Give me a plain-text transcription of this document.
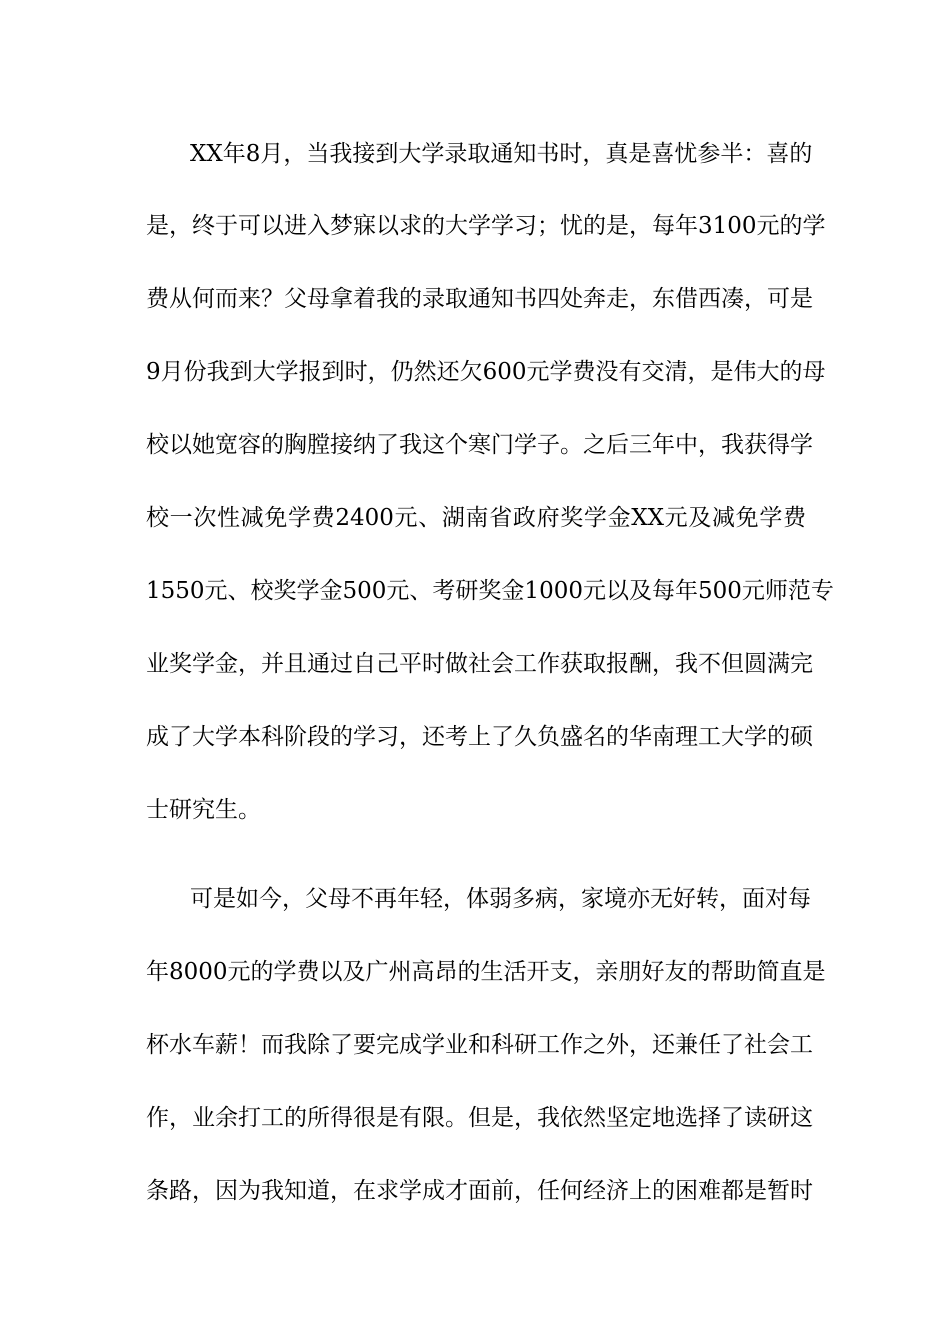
XX年8月，当我接到大学录取通知书时，真是喜忧参半：喜的
是，终于可以进入梦寐以求的大学学习；忧的是，每年3100元的学
费从何而来？父母拿着我的录取通知书四处奔走，东借西凑，可是
9月份我到大学报到时，仍然还欠600元学费没有交清，是伟大的母
校以她宽容的胸膛接纳了我这个寒门学子。之后三年中，我获得学
校一次性减免学费2400元、湖南省政府奖学金XX元及减免学费
1550元、校奖学金500元、考研奖金1000元以及每年500元师范专
业奖学金，并且通过自己平时做社会工作获取报酬，我不但圆满完
成了大学本科阶段的学习，还考上了久负盛名的华南理工大学的硕
士研究生。
可是如今，父母不再年轻，体弱多病，家境亦无好转，面对每
年8000元的学费以及广州高昂的生活开支，亲朋好友的帮助简直是
杯水车薪！而我除了要完成学业和科研工作之外，还兼任了社会工
作，业余打工的所得很是有限。但是，我依然坚定地选择了读研这
条路，因为我知道，在求学成才面前，任何经济上的困难都是暂时
